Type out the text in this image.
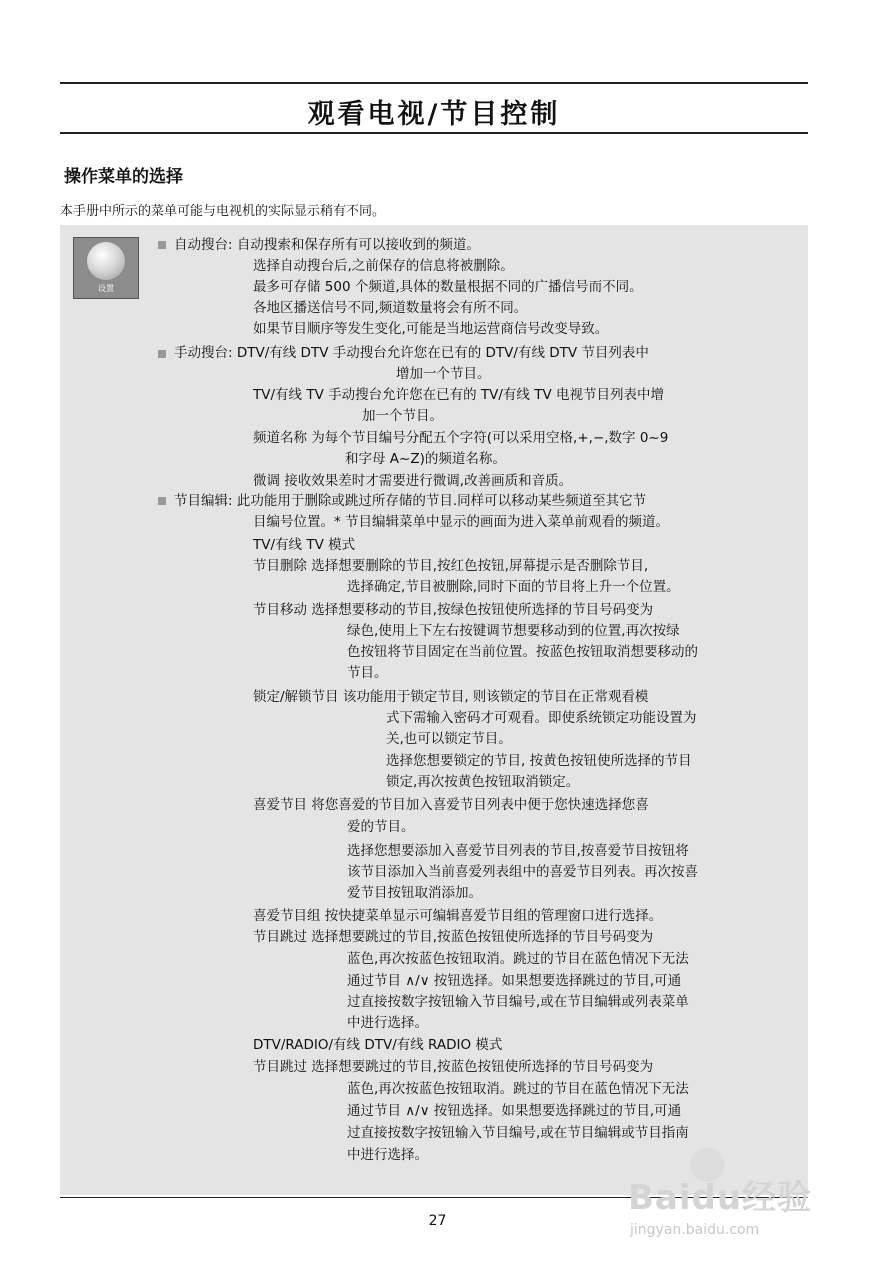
观看电视/节目控制
操作菜单的选择

本手册中所示的菜单可能与电视机的实际显示稍有不同。

设置
自动搜台: 自动搜索和保存所有可以接收到的频道。
选择自动搜台后,之前保存的信息将被删除。
最多可存储 500 个频道,具体的数量根据不同的广播信号而不同。
各地区播送信号不同,频道数量将会有所不同。
如果节目顺序等发生变化,可能是当地运营商信号改变导致。
手动搜台: DTV/有线 DTV 手动搜台允许您在已有的 DTV/有线 DTV 节目列表中
增加一个节目。
TV/有线 TV 手动搜台允许您在已有的 TV/有线 TV 电视节目列表中增
加一个节目。
频道名称 为每个节目编号分配五个字符(可以采用空格,+,−,数字 0~9
和字母 A~Z)的频道名称。
微调 接收效果差时才需要进行微调,改善画质和音质。
节目编辑: 此功能用于删除或跳过所存储的节目.同样可以移动某些频道至其它节
目编号位置。* 节目编辑菜单中显示的画面为进入菜单前观看的频道。
TV/有线 TV 模式
节目删除 选择想要删除的节目,按红色按钮,屏幕提示是否删除节目,
选择确定,节目被删除,同时下面的节目将上升一个位置。
节目移动 选择想要移动的节目,按绿色按钮使所选择的节目号码变为
绿色,使用上下左右按键调节想要移动到的位置,再次按绿
色按钮将节目固定在当前位置。按蓝色按钮取消想要移动的
节目。
锁定/解锁节目 该功能用于锁定节目, 则该锁定的节目在正常观看模
式下需输入密码才可观看。即使系统锁定功能设置为
关,也可以锁定节目。
选择您想要锁定的节目, 按黄色按钮使所选择的节目
锁定,再次按黄色按钮取消锁定。
喜爱节目 将您喜爱的节目加入喜爱节目列表中便于您快速选择您喜
爱的节目。
选择您想要添加入喜爱节目列表的节目,按喜爱节目按钮将
该节目添加入当前喜爱列表组中的喜爱节目列表。再次按喜
爱节目按钮取消添加。
喜爱节目组 按快捷菜单显示可编辑喜爱节目组的管理窗口进行选择。
节目跳过 选择想要跳过的节目,按蓝色按钮使所选择的节目号码变为
蓝色,再次按蓝色按钮取消。跳过的节目在蓝色情况下无法
通过节目 ∧/∨ 按钮选择。如果想要选择跳过的节目,可通
过直接按数字按钮输入节目编号,或在节目编辑或列表菜单
中进行选择。
DTV/RADIO/有线 DTV/有线 RADIO 模式
节目跳过 选择想要跳过的节目,按蓝色按钮使所选择的节目号码变为
蓝色,再次按蓝色按钮取消。跳过的节目在蓝色情况下无法
通过节目 ∧/∨ 按钮选择。如果想要选择跳过的节目,可通
过直接按数字按钮输入节目编号,或在节目编辑或节目指南
中进行选择。
27
Baidu经验
jingyan.baidu.com
